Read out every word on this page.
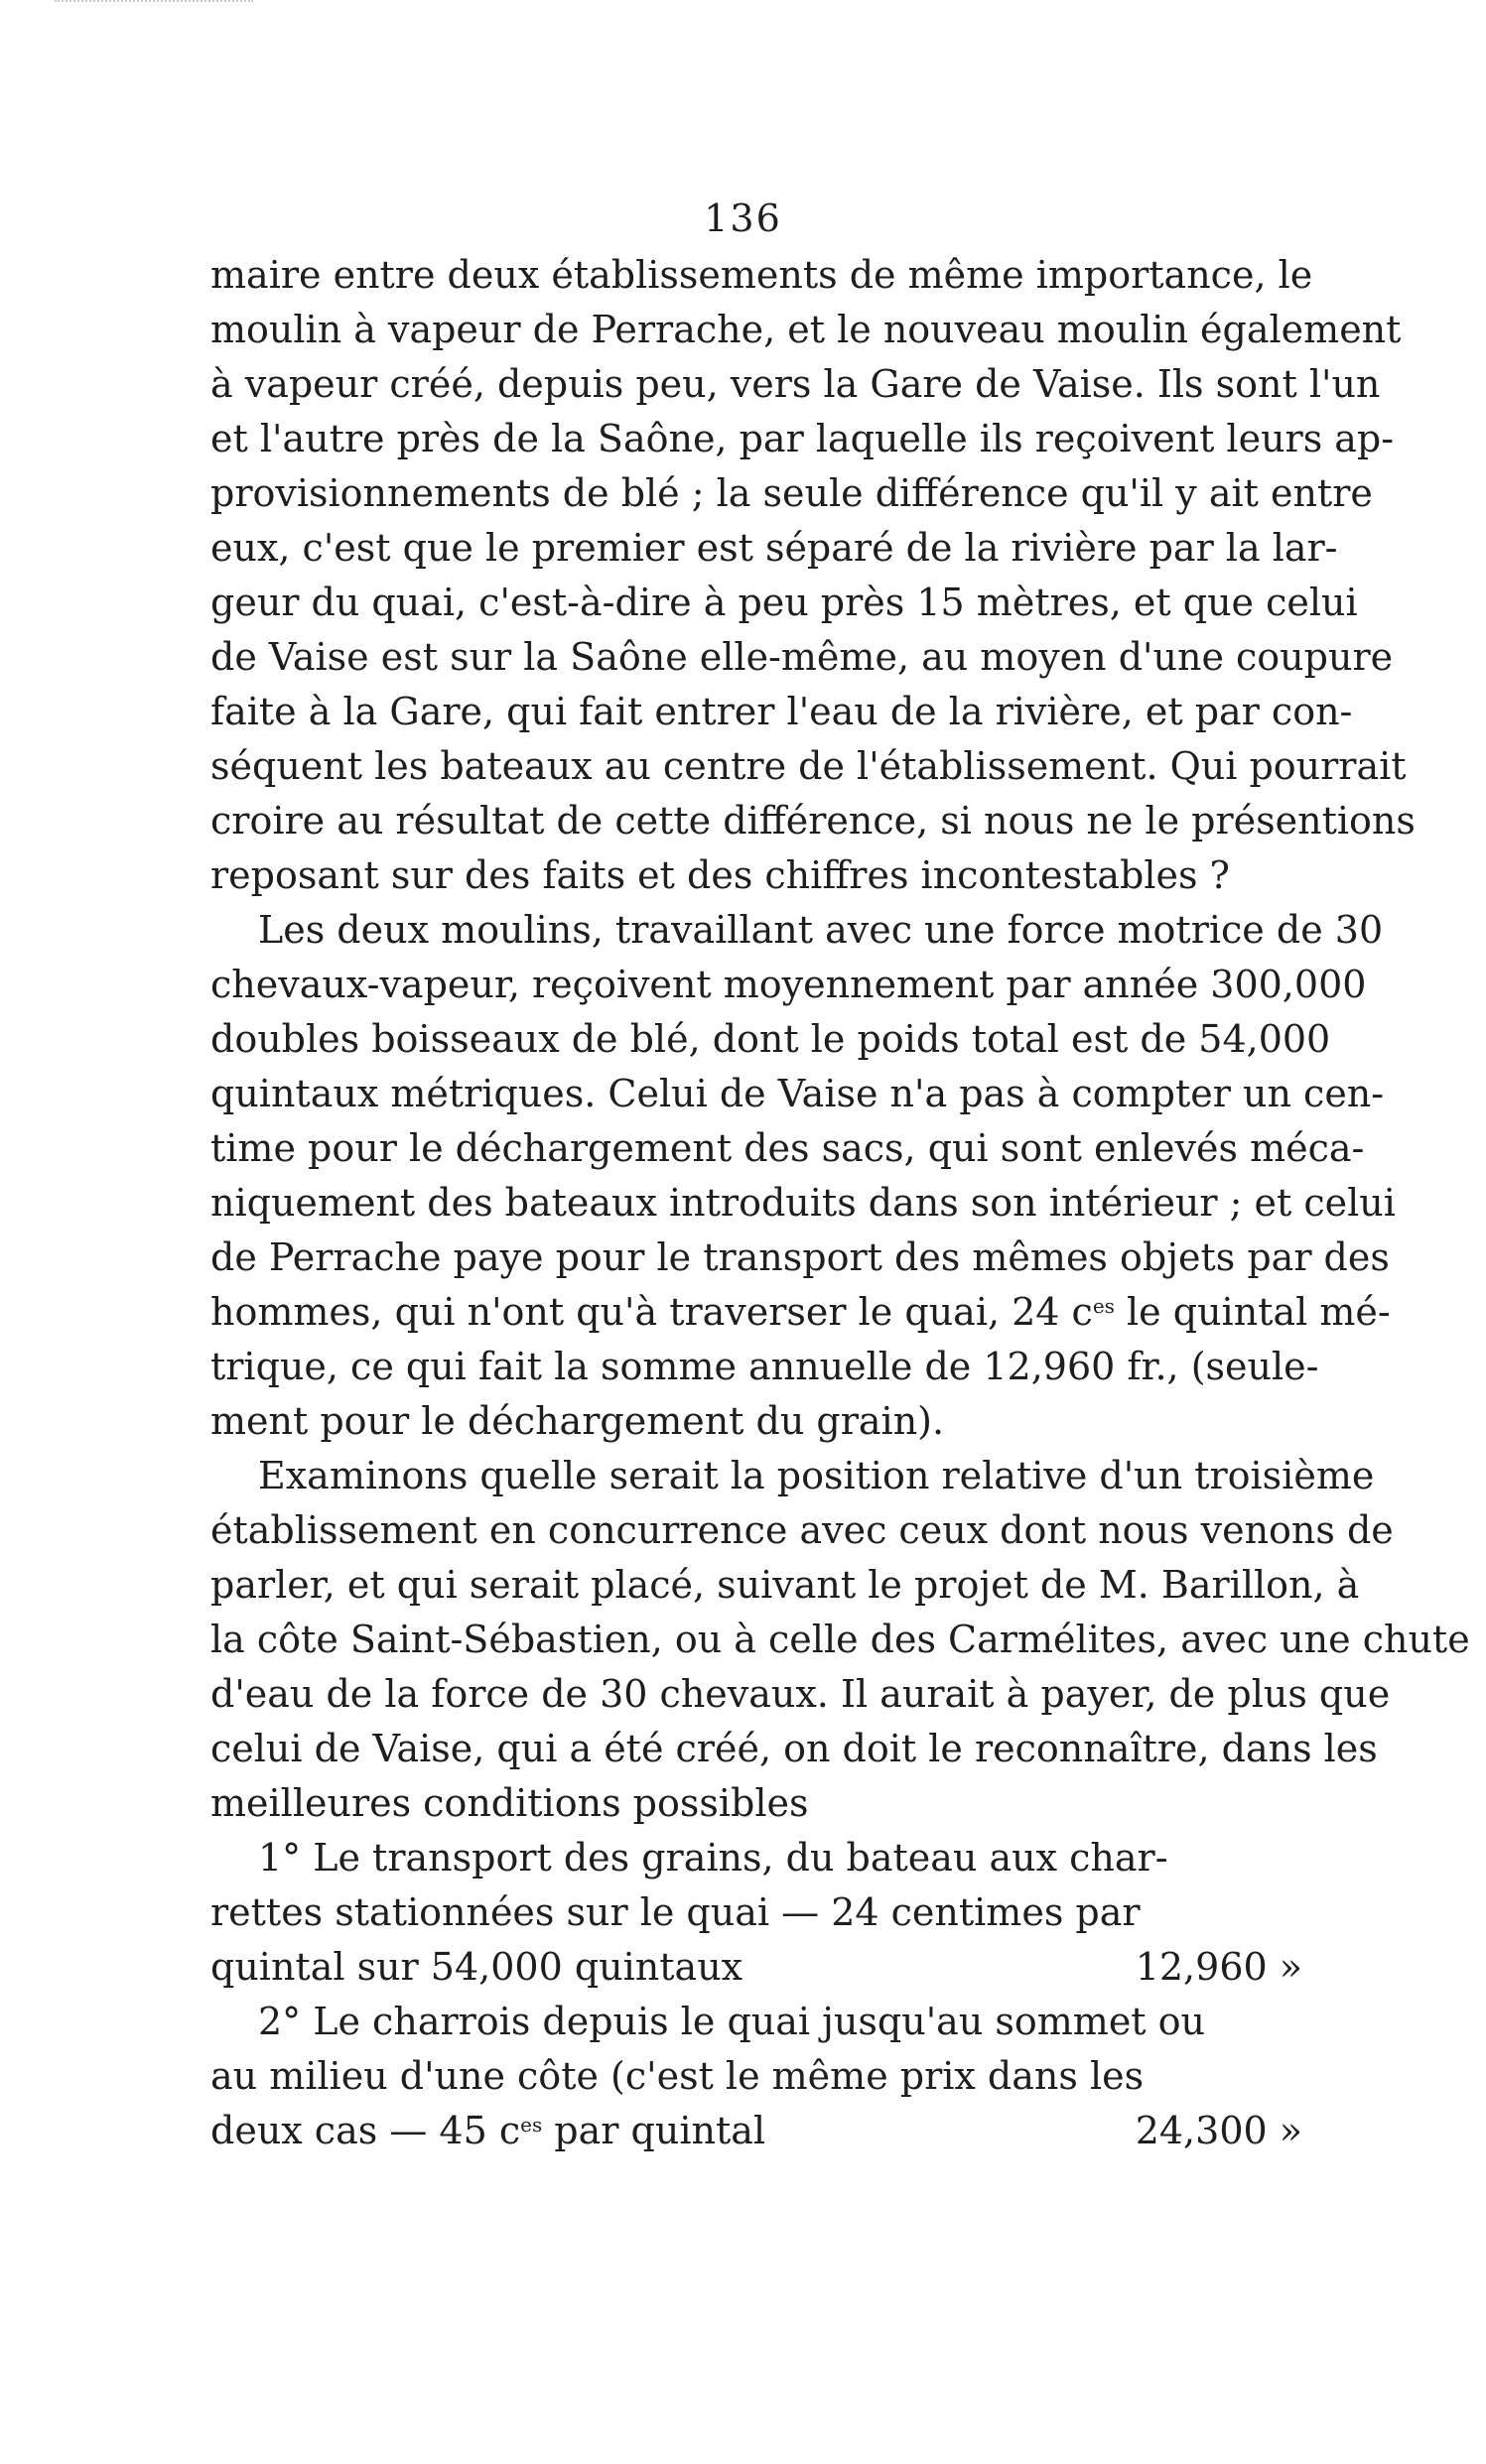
136
maire entre deux établissements de même importance, le
moulin à vapeur de Perrache, et le nouveau moulin également
à vapeur créé, depuis peu, vers la Gare de Vaise. Ils sont l'un
et l'autre près de la Saône, par laquelle ils reçoivent leurs ap-
provisionnements de blé ; la seule différence qu'il y ait entre
eux, c'est que le premier est séparé de la rivière par la lar-
geur du quai, c'est-à-dire à peu près 15 mètres, et que celui
de Vaise est sur la Saône elle-même, au moyen d'une coupure
faite à la Gare, qui fait entrer l'eau de la rivière, et par con-
séquent les bateaux au centre de l'établissement. Qui pourrait
croire au résultat de cette différence, si nous ne le présentions
reposant sur des faits et des chiffres incontestables ?
Les deux moulins, travaillant avec une force motrice de 30
chevaux-vapeur, reçoivent moyennement par année 300,000
doubles boisseaux de blé, dont le poids total est de 54,000
quintaux métriques. Celui de Vaise n'a pas à compter un cen-
time pour le déchargement des sacs, qui sont enlevés méca-
niquement des bateaux introduits dans son intérieur ; et celui
de Perrache paye pour le transport des mêmes objets par des
hommes, qui n'ont qu'à traverser le quai, 24 $c^{es}$ le quintal mé-
trique, ce qui fait la somme annuelle de 12,960 fr., (seule-
ment pour le déchargement du grain).
Examinons quelle serait la position relative d'un troisième
établissement en concurrence avec ceux dont nous venons de
parler, et qui serait placé, suivant le projet de M. Barillon, à
la côte Saint-Sébastien, ou à celle des Carmélites, avec une chute
d'eau de la force de 30 chevaux. Il aurait à payer, de plus que
celui de Vaise, qui a été créé, on doit le reconnaître, dans les
meilleures conditions possibles
1° Le transport des grains, du bateau aux char-
rettes stationnées sur le quai — 24 centimes par
quintal sur 54,000 quintaux	12,960 »
2° Le charrois depuis le quai jusqu'au sommet ou
au milieu d'une côte (c'est le même prix dans les
deux cas — 45 $c^{es}$ par quintal	24,300 »
